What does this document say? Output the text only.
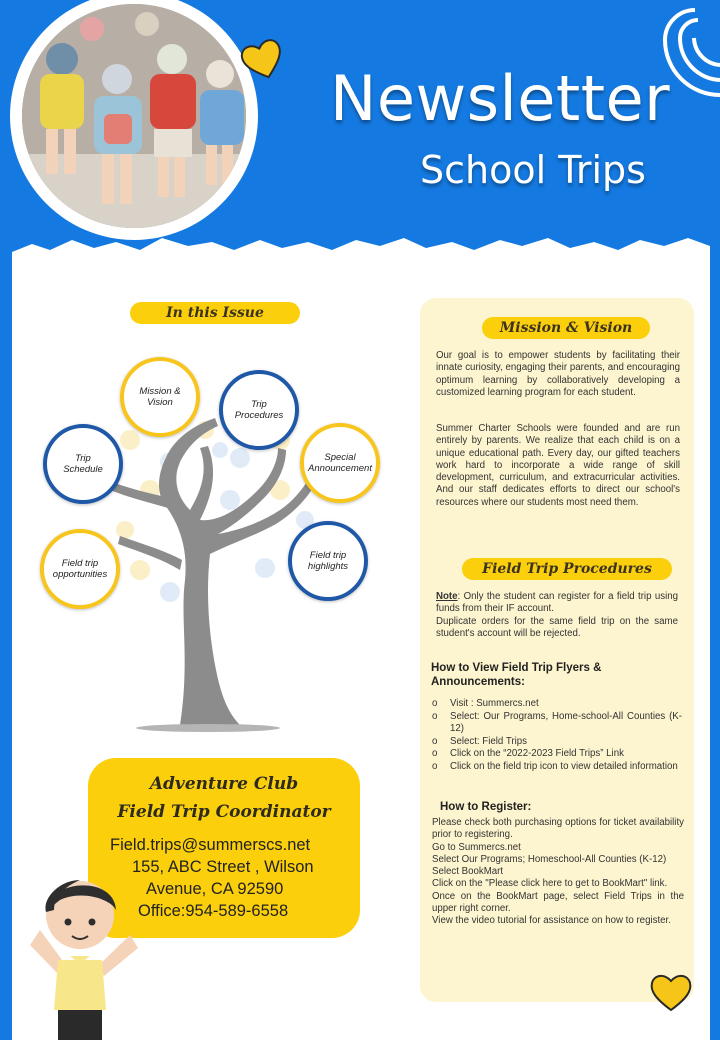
Newsletter
School Trips
In this Issue
Mission & Vision	Trip Procedures
Trip Schedule
Special Announcement
Field trip opportunities
Field trip highlights
Adventure Club
Field Trip Coordinator
Field.trips@summerscs.net
155, ABC Street , Wilson
Avenue, CA 92590
Office:954-589-6558
Mission & Vision
Our goal is to empower students by facilitating their innate curiosity, engaging their parents, and encouraging optimum learning by collaboratively developing a customized learning program for each student.
Summer Charter Schools were founded and are run entirely by parents. We realize that each child is on a unique educational path. Every day, our gifted teachers work hard to incorporate a wide range of skill development, curriculum, and extracurricular activities. And our staff dedicates efforts to direct our school's resources where our students most need them.
Field Trip Procedures
Note: Only the student can register for a field trip using funds from their IF account.
Duplicate orders for the same field trip on the same student's account will be rejected.
How to View Field Trip Flyers & Announcements:
o Visit : Summercs.net
o Select: Our Programs, Home-school-All Counties (K-12)
o Select: Field Trips
o Click on the “2022-2023 Field Trips” Link
o Click on the field trip icon to view detailed information
How to Register:
Please check both purchasing options for ticket availability prior to registering.
Go to Summercs.net
Select Our Programs; Homeschool-All Counties (K-12)
Select BookMart
Click on the "Please click here to get to BookMart" link.
Once on the BookMart page, select Field Trips in the upper right corner.
View the video tutorial for assistance on how to register.
